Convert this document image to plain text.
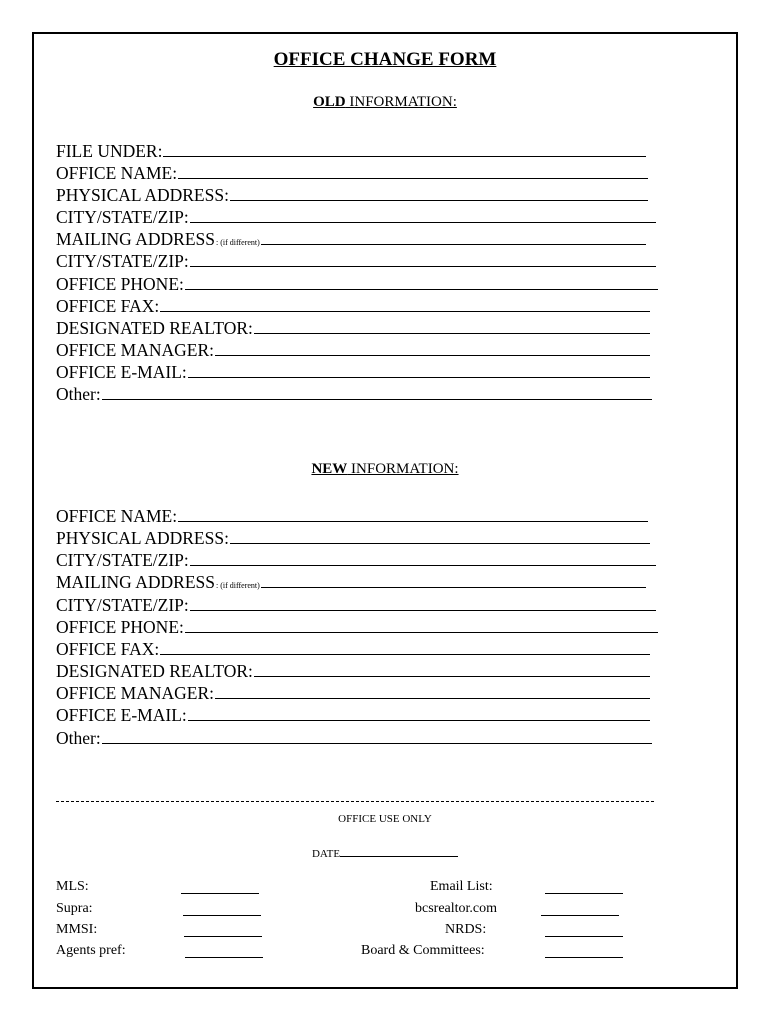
OFFICE CHANGE FORM
OLD INFORMATION:
FILE UNDER:
OFFICE NAME:
PHYSICAL ADDRESS:
CITY/STATE/ZIP:
MAILING ADDRESS : (if different)
CITY/STATE/ZIP:
OFFICE PHONE:
OFFICE FAX:
DESIGNATED REALTOR:
OFFICE MANAGER:
OFFICE E-MAIL:
Other:
NEW INFORMATION:
OFFICE NAME:
PHYSICAL ADDRESS:
CITY/STATE/ZIP:
MAILING ADDRESS : (if different)
CITY/STATE/ZIP:
OFFICE PHONE:
OFFICE FAX:
DESIGNATED REALTOR:
OFFICE MANAGER:
OFFICE E-MAIL:
Other:
OFFICE USE ONLY
DATE
MLS:
Supra:
MMSI:
Agents pref:
Email List:
bcsrealtor.com
NRDS:
Board & Committees:
